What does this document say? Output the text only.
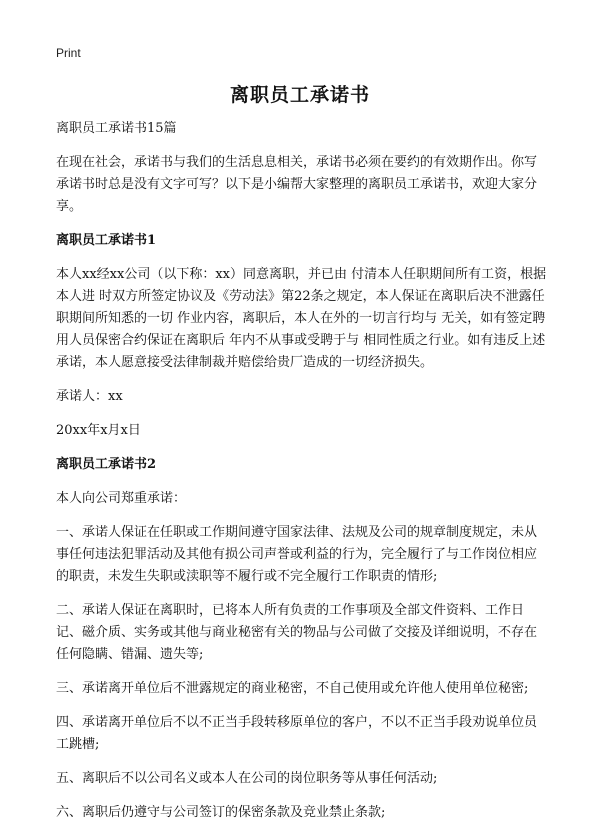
Print
离职员工承诺书

离职员工承诺书15篇

在现在社会，承诺书与我们的生活息息相关，承诺书必须在要约的有效期作出。你写承诺书时总是没有文字可写？以下是小编帮大家整理的离职员工承诺书，欢迎大家分享。

离职员工承诺书1

本人xx经xx公司（以下称：xx）同意离职，并已由 付清本人任职期间所有工资，根据本人进 时双方所签定协议及《劳动法》第22条之规定，本人保证在离职后决不泄露任职期间所知悉的一切 作业内容，离职后，本人在外的一切言行均与 无关，如有签定聘用人员保密合约保证在离职后 年内不从事或受聘于与 相同性质之行业。如有违反上述承诺，本人愿意接受法律制裁并赔偿给贵厂造成的一切经济损失。

承诺人：xx

20xx年x月x日

离职员工承诺书2

本人向公司郑重承诺：

一、承诺人保证在任职或工作期间遵守国家法律、法规及公司的规章制度规定，未从事任何违法犯罪活动及其他有损公司声誉或利益的行为，完全履行了与工作岗位相应的职责，未发生失职或渎职等不履行或不完全履行工作职责的情形;

二、承诺人保证在离职时，已将本人所有负责的工作事项及全部文件资料、工作日记、磁介质、实务或其他与商业秘密有关的物品与公司做了交接及详细说明，不存在任何隐瞒、错漏、遗失等;

三、承诺离开单位后不泄露规定的商业秘密，不自己使用或允许他人使用单位秘密;

四、承诺离开单位后不以不正当手段转移原单位的客户，不以不正当手段劝说单位员工跳槽;

五、离职后不以公司名义或本人在公司的岗位职务等从事任何活动;

六、离职后仍遵守与公司签订的保密条款及竞业禁止条款;
